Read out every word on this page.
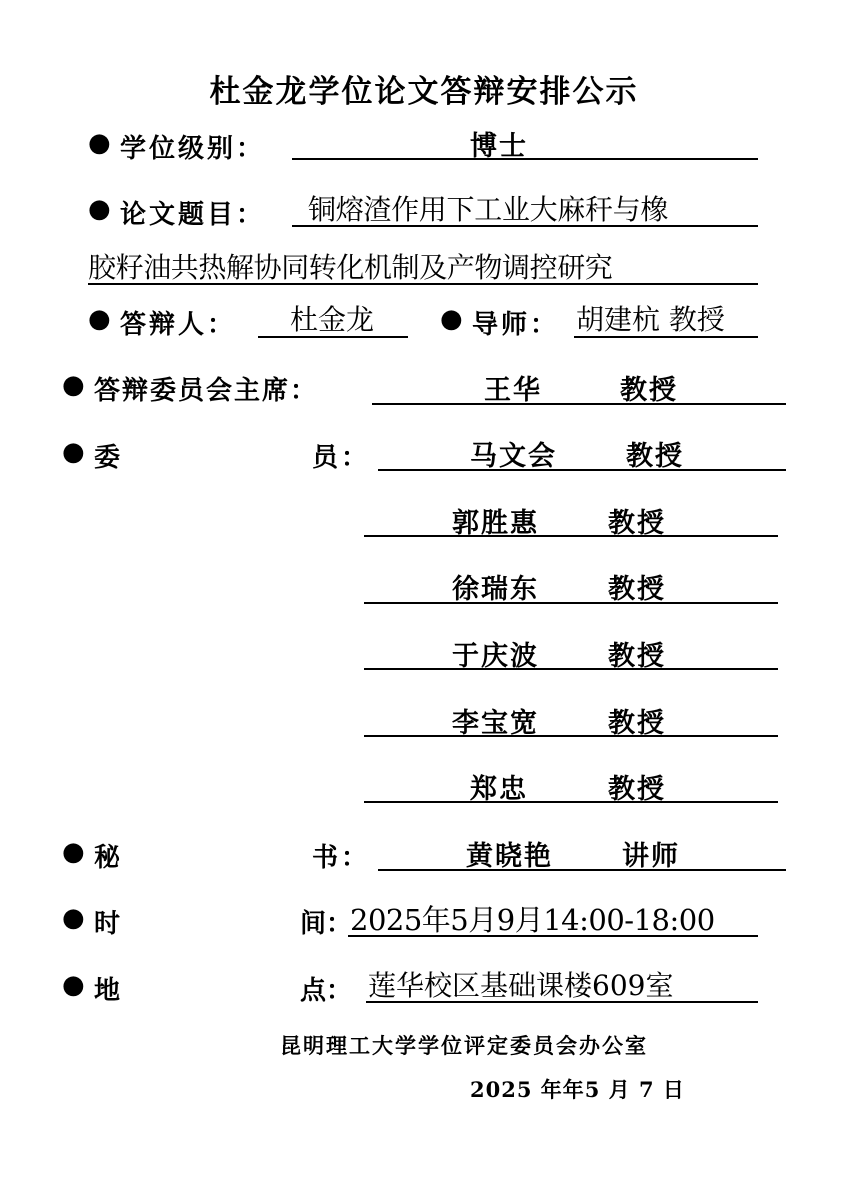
杜金龙学位论文答辩安排公示
● 学位级别：	博士
● 论文题目： 铜熔渣作用下工业大麻秆与橡
胶籽油共热解协同转化机制及产物调控研究
● 答辩人： 杜金龙	● 导师： 胡建杭 教授
● 答辩委员会主席：	王华	教授
● 委	员：	马文会	教授
郭胜惠	教授
徐瑞东	教授
于庆波	教授
李宝宽	教授
郑忠	教授
● 秘	书：	黄晓艳	讲师
● 时	间：
2025年5月9月14:00-18:00
● 地	点： 莲华校区基础课楼609室
昆明理工大学学位评定委员会办公室
2025 年年5 月 7 日
